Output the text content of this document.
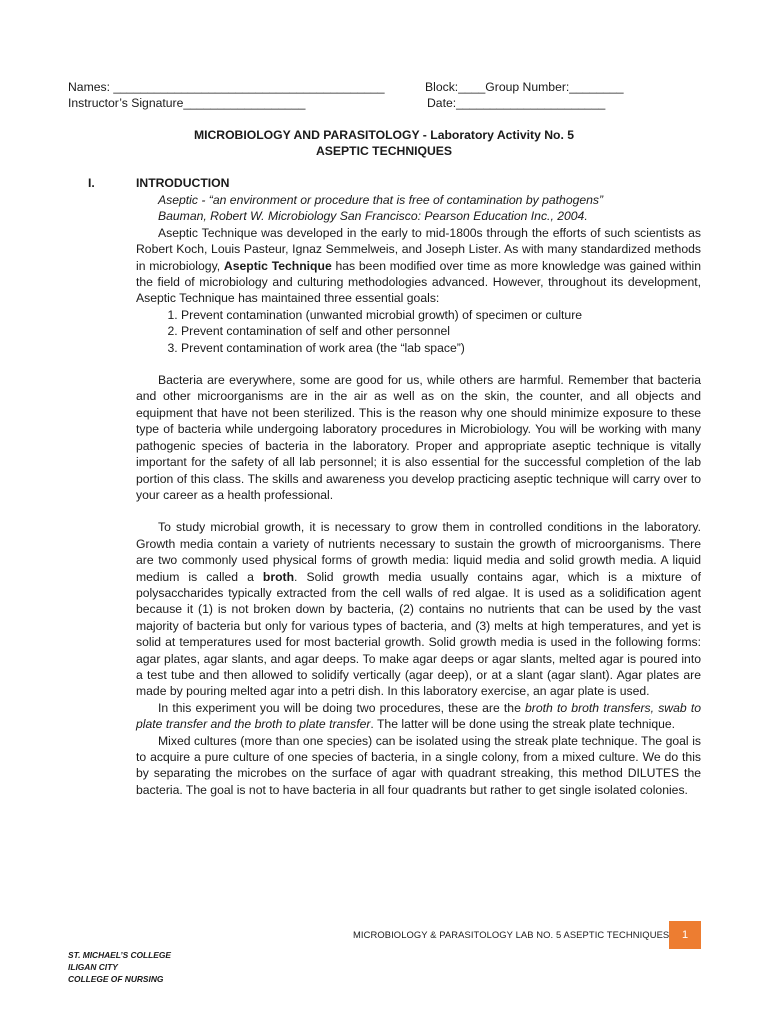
Names: ________________________________________	Block:____Group Number:________
Instructor’s Signature__________________	Date:______________________
MICROBIOLOGY AND PARASITOLOGY - Laboratory Activity No. 5
ASEPTIC TECHNIQUES
I.	INTRODUCTION

Aseptic - “an environment or procedure that is free of contamination by pathogens”

Bauman, Robert W. Microbiology San Francisco: Pearson Education Inc., 2004.

Aseptic Technique was developed in the early to mid-1800s through the efforts of such scientists as Robert Koch, Louis Pasteur, Ignaz Semmelweis, and Joseph Lister. As with many standardized methods in microbiology, Aseptic Technique has been modified over time as more knowledge was gained within the field of microbiology and culturing methodologies advanced. However, throughout its development, Aseptic Technique has maintained three essential goals:

1. Prevent contamination (unwanted microbial growth) of specimen or culture
2. Prevent contamination of self and other personnel
3. Prevent contamination of work area (the “lab space”)

Bacteria are everywhere, some are good for us, while others are harmful. Remember that bacteria and other microorganisms are in the air as well as on the skin, the counter, and all objects and equipment that have not been sterilized. This is the reason why one should minimize exposure to these type of bacteria while undergoing laboratory procedures in Microbiology. You will be working with many pathogenic species of bacteria in the laboratory. Proper and appropriate aseptic technique is vitally important for the safety of all lab personnel; it is also essential for the successful completion of the lab portion of this class. The skills and awareness you develop practicing aseptic technique will carry over to your career as a health professional.

To study microbial growth, it is necessary to grow them in controlled conditions in the laboratory. Growth media contain a variety of nutrients necessary to sustain the growth of microorganisms. There are two commonly used physical forms of growth media: liquid media and solid growth media. A liquid medium is called a broth. Solid growth media usually contains agar, which is a mixture of polysaccharides typically extracted from the cell walls of red algae. It is used as a solidification agent because it (1) is not broken down by bacteria, (2) contains no nutrients that can be used by the vast majority of bacteria but only for various types of bacteria, and (3) melts at high temperatures, and yet is solid at temperatures used for most bacterial growth. Solid growth media is used in the following forms: agar plates, agar slants, and agar deeps. To make agar deeps or agar slants, melted agar is poured into a test tube and then allowed to solidify vertically (agar deep), or at a slant (agar slant). Agar plates are made by pouring melted agar into a petri dish. In this laboratory exercise, an agar plate is used.

In this experiment you will be doing two procedures, these are the broth to broth transfers, swab to plate transfer and the broth to plate transfer. The latter will be done using the streak plate technique.

Mixed cultures (more than one species) can be isolated using the streak plate technique. The goal is to acquire a pure culture of one species of bacteria, in a single colony, from a mixed culture. We do this by separating the microbes on the surface of agar with quadrant streaking, this method DILUTES the bacteria. The goal is not to have bacteria in all four quadrants but rather to get single isolated colonies.

MICROBIOLOGY & PARASITOLOGY LAB NO. 5 ASEPTIC TECHNIQUES	1
ST. MICHAEL’S COLLEGE
ILIGAN CITY
COLLEGE OF NURSING
